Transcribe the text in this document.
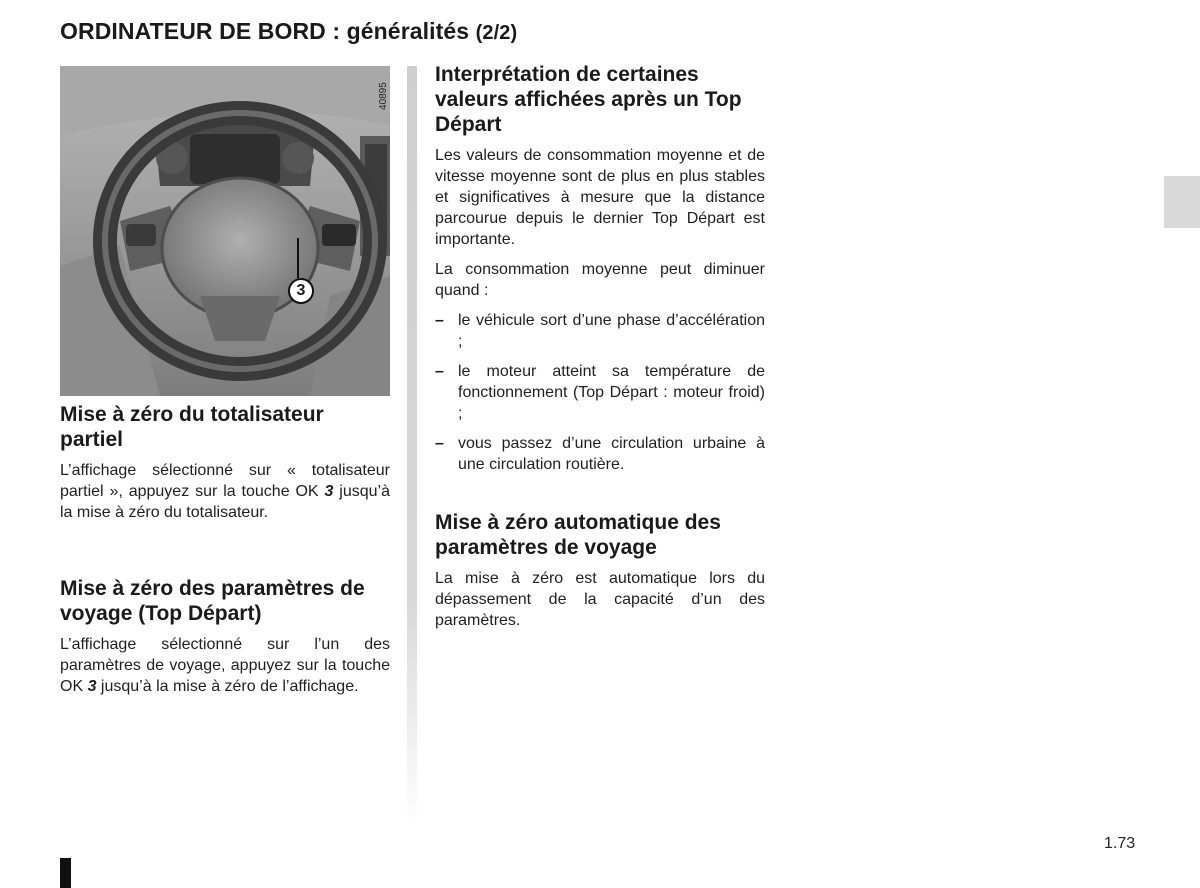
ORDINATEUR DE BORD : généralités (2/2)
3
40895
Mise à zéro du totalisateur partiel

L’affichage sélectionné sur « totalisateur partiel », appuyez sur la touche OK 3 jusqu’à la mise à zéro du totalisateur.

Mise à zéro des paramètres de voyage (Top Départ)

L’affichage sélectionné sur l’un des paramètres de voyage, appuyez sur la touche OK 3 jusqu’à la mise à zéro de l’affichage.

Interprétation de certaines valeurs affichées après un Top Départ

Les valeurs de consommation moyenne et de vitesse moyenne sont de plus en plus stables et significatives à mesure que la distance parcourue depuis le dernier Top Départ est importante.

La consommation moyenne peut diminuer quand :

– le véhicule sort d’une phase d’accélération ;

– le moteur atteint sa température de fonctionnement (Top Départ : moteur froid) ;

– vous passez d’une circulation urbaine à une circulation routière.

Mise à zéro automatique des paramètres de voyage

La mise à zéro est automatique lors du dépassement de la capacité d’un des paramètres.

1.73
